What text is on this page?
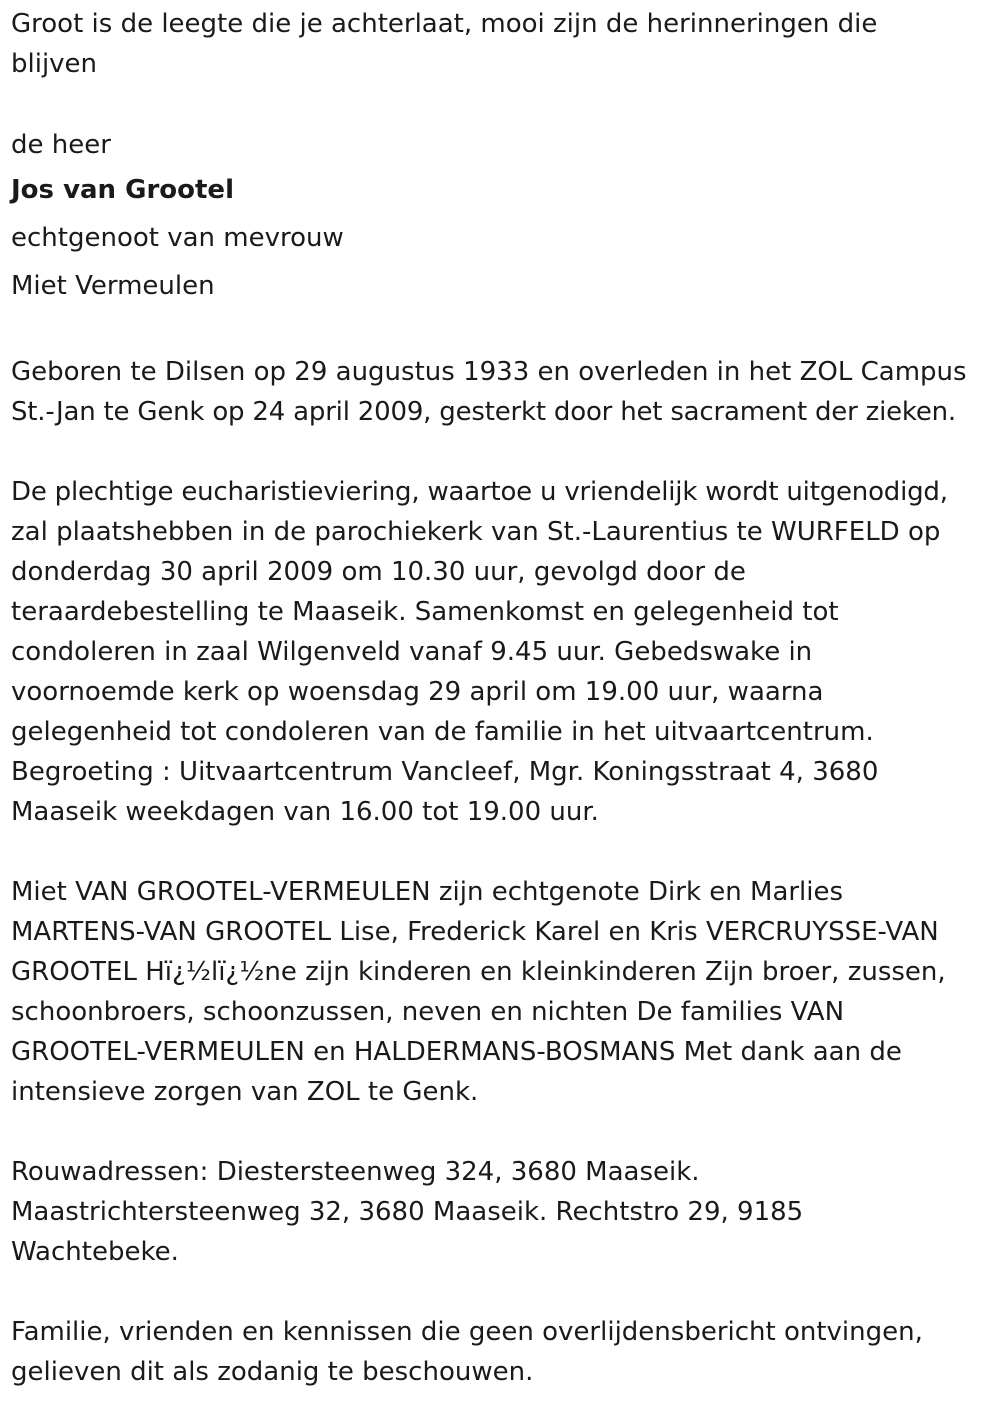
Groot is de leegte die je achterlaat, mooi zijn de herinneringen die
blijven

de heer
Jos van Grootel
echtgenoot van mevrouw
Miet Vermeulen

Geboren te Dilsen op 29 augustus 1933 en overleden in het ZOL Campus
St.-Jan te Genk op 24 april 2009, gesterkt door het sacrament der zieken.

De plechtige eucharistieviering, waartoe u vriendelijk wordt uitgenodigd,
zal plaatshebben in de parochiekerk van St.-Laurentius te WURFELD op
donderdag 30 april 2009 om 10.30 uur, gevolgd door de
teraardebestelling te Maaseik. Samenkomst en gelegenheid tot
condoleren in zaal Wilgenveld vanaf 9.45 uur. Gebedswake in
voornoemde kerk op woensdag 29 april om 19.00 uur, waarna
gelegenheid tot condoleren van de familie in het uitvaartcentrum.
Begroeting : Uitvaartcentrum Vancleef, Mgr. Koningsstraat 4, 3680
Maaseik weekdagen van 16.00 tot 19.00 uur.

Miet VAN GROOTEL-VERMEULEN zijn echtgenote Dirk en Marlies
MARTENS-VAN GROOTEL Lise, Frederick Karel en Kris VERCRUYSSE-VAN
GROOTEL Hï¿½lï¿½ne zijn kinderen en kleinkinderen Zijn broer, zussen,
schoonbroers, schoonzussen, neven en nichten De families VAN
GROOTEL-VERMEULEN en HALDERMANS-BOSMANS Met dank aan de
intensieve zorgen van ZOL te Genk.

Rouwadressen: Diestersteenweg 324, 3680 Maaseik.
Maastrichtersteenweg 32, 3680 Maaseik. Rechtstro 29, 9185
Wachtebeke.

Familie, vrienden en kennissen die geen overlijdensbericht ontvingen,
gelieven dit als zodanig te beschouwen.
